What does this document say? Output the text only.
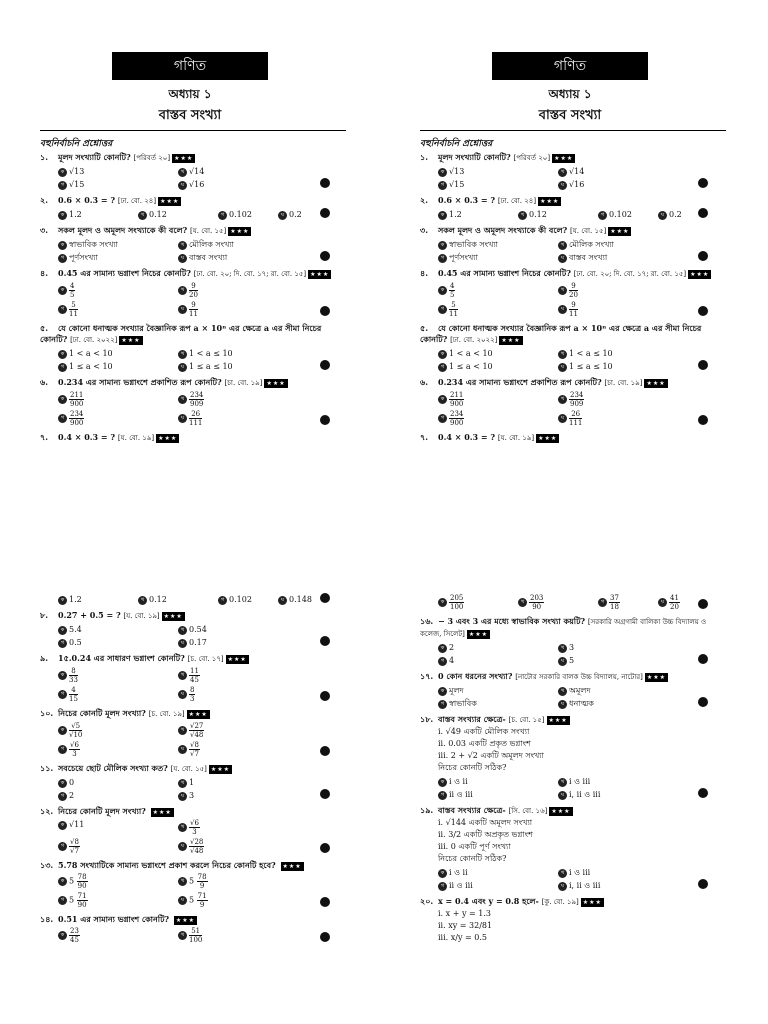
গণিত	গণিত
অধ্যায় ১
বাস্তব সংখ্যা
অধ্যায় ১
বাস্তব সংখ্যা
বহুনির্বাচনি প্রশ্নোত্তর	বহুনির্বাচনি প্রশ্নোত্তর
১. মূলদ সংখ্যাটি কোনটি? [পরিবর্ত ২০] ★★★
ক √13	খ √14
গ √15	ঘ √16
২. 0.6 × 0.3 = ? [ঢা. বো. ২৪] ★★★
ক 1.2	খ 0.12	গ 0.102	ঘ 0.2
৩. সকল মূলদ ও অমূলদ সংখ্যাকে কী বলে? [য. বো. ১৫] ★★★
ক স্বাভাবিক সংখ্যা	খ মৌলিক সংখ্যা
গ পূর্ণসংখ্যা	ঘ বাস্তব সংখ্যা
৪. 0.45 এর সামান্য ভগ্নাংশ নিচের কোনটি? [ঢা. বো. ২০; দি. বো. ১৭; রা. বো. ১৫] ★★★
ক $\frac{4}{5}$	খ $\frac{9}{20}$
গ $\frac{5}{11}$	ঘ $\frac{9}{11}$
৫. যে কোনো ধনাত্মক সংখ্যার বৈজ্ঞানিক রূপ a × 10ⁿ এর ক্ষেত্রে a এর সীমা নিচের কোনটি? [ঢা. বো. ২০২২] ★★★
ক 1 < a < 10	খ 1 < a ≤ 10
গ 1 ≤ a < 10	ঘ 1 ≤ a ≤ 10
৬. 0.234 এর সামান্য ভগ্নাংশে প্রকাশিত রূপ কোনটি? [চা. বো. ১৯] ★★★
ক $\frac{211}{900}$	খ $\frac{234}{909}$
গ $\frac{234}{900}$	ঘ $\frac{26}{111}$
৭. 0.4 × 0.3 = ? [য. বো. ১৯] ★★★
১. মূলদ সংখ্যাটি কোনটি? [পরিবর্ত ২০] ★★★
ক √13	খ √14
গ √15	ঘ √16
২. 0.6 × 0.3 = ? [ঢা. বো. ২৪] ★★★
ক 1.2	খ 0.12	গ 0.102	ঘ 0.2
৩. সকল মূলদ ও অমূলদ সংখ্যাকে কী বলে? [য. বো. ১৫] ★★★
ক স্বাভাবিক সংখ্যা	খ মৌলিক সংখ্যা
গ পূর্ণসংখ্যা	ঘ বাস্তব সংখ্যা
৪. 0.45 এর সামান্য ভগ্নাংশ নিচের কোনটি? [ঢা. বো. ২০; দি. বো. ১৭; রা. বো. ১৫] ★★★
ক $\frac{4}{5}$	খ $\frac{9}{20}$
গ $\frac{5}{11}$	ঘ $\frac{9}{11}$
৫. যে কোনো ধনাত্মক সংখ্যার বৈজ্ঞানিক রূপ a × 10ⁿ এর ক্ষেত্রে a এর সীমা নিচের কোনটি? [ঢা. বো. ২০২২] ★★★
ক 1 < a < 10	খ 1 < a ≤ 10
গ 1 ≤ a < 10	ঘ 1 ≤ a ≤ 10
৬. 0.234 এর সামান্য ভগ্নাংশে প্রকাশিত রূপ কোনটি? [চা. বো. ১৯] ★★★
ক $\frac{211}{900}$	খ $\frac{234}{909}$
গ $\frac{234}{900}$	ঘ $\frac{26}{111}$
৭. 0.4 × 0.3 = ? [য. বো. ১৯] ★★★
ক 1.2	খ 0.12	গ 0.102	ঘ 0.148
৮. 0.27 + 0.5 = ? [য. বো. ১৯] ★★★
ক 5.4	খ 0.54
গ 0.5	ঘ 0.17
৯. 1৫.0.24 এর সাধারণ ভগ্নাংশ কোনটি? [চ. বো. ১৭] ★★★
ক $\frac{8}{33}$	খ $\frac{11}{45}$
গ $\frac{4}{15}$	ঘ $\frac{8}{3}$
১০. নিচের কোনটি মূলদ সংখ্যা? [চ. বো. ১৯] ★★★
ক $\frac{√5}{√10}$	খ $\frac{√27}{√48}$
গ $\frac{√6}{3}$	ঘ $\frac{√8}{√7}$
১১. সবচেয়ে ছোট মৌলিক সংখ্যা কত? [য. বো. ১৫] ★★★
ক 0	খ 1
গ 2	ঘ 3
১২. নিচের কোনটি মূলদ সংখ্যা? ★★★
ক √11	খ $\frac{√6}{3}$
গ $\frac{√8}{√7}$	ঘ $\frac{√28}{√48}$
১৩. 5.78 সংখ্যাটিকে সামান্য ভগ্নাংশে প্রকাশ করলে নিচের কোনটি হবে? ★★★
ক $5 \frac{78}{90}$	খ $5 \frac{78}{9}$
গ $5 \frac{71}{90}$	ঘ $5 \frac{71}{9}$
১৪. 0.51 এর সামান্য ভগ্নাংশ কোনটি? ★★★
ক $\frac{23}{45}$	খ $\frac{51}{100}$
ক $\frac{205}{100}$	খ $\frac{203}{90}$	গ $\frac{37}{18}$	ঘ $\frac{41}{20}$
১৬. − 3 এবং 3 এর মধ্যে স্বাভাবিক সংখ্যা কয়টি? [সরকারি অগ্রগামী বালিকা উচ্চ বিদ্যালয় ও কলেজ, সিলেট] ★★★
ক 2	খ 3
গ 4	ঘ 5
১৭. 0 কোন ধরনের সংখ্যা? [নাটোর সরকারি বালক উচ্চ বিদ্যালয়, নাটোর] ★★★
ক মূলদ	খ অমূলদ
গ স্বাভাবিক	ঘ ধনাত্মক
১৮. বাস্তব সংখ্যার ক্ষেত্রে- [চ. বো. ১৫] ★★★
i. √49 একটি মৌলিক সংখ্যা
ii. 0.03 একটি প্রকৃত ভগ্নাংশ
iii. 2 + √2 একটি অমূলদ সংখ্যা
নিচের কোনটি সঠিক?
ক i ও ii	খ i ও iii
গ ii ও iii	ঘ i, ii ও iii
১৯. বাস্তব সংখ্যার ক্ষেত্রে- [সি. বো. ১৬] ★★★
i. √144 একটি অমূলদ সংখ্যা
ii. 3/2 একটি অপ্রকৃত ভগ্নাংশ
iii. 0 একটি পূর্ণ সংখ্যা
নিচের কোনটি সঠিক?
ক i ও ii	খ i ও iii
গ ii ও iii	ঘ i, ii ও iii
২০. x = 0.4 এবং y = 0.8 হলে- [কু. বো. ১৯] ★★★
i. x + y = 1.3
ii. xy = 32/81
iii. x/y = 0.5
